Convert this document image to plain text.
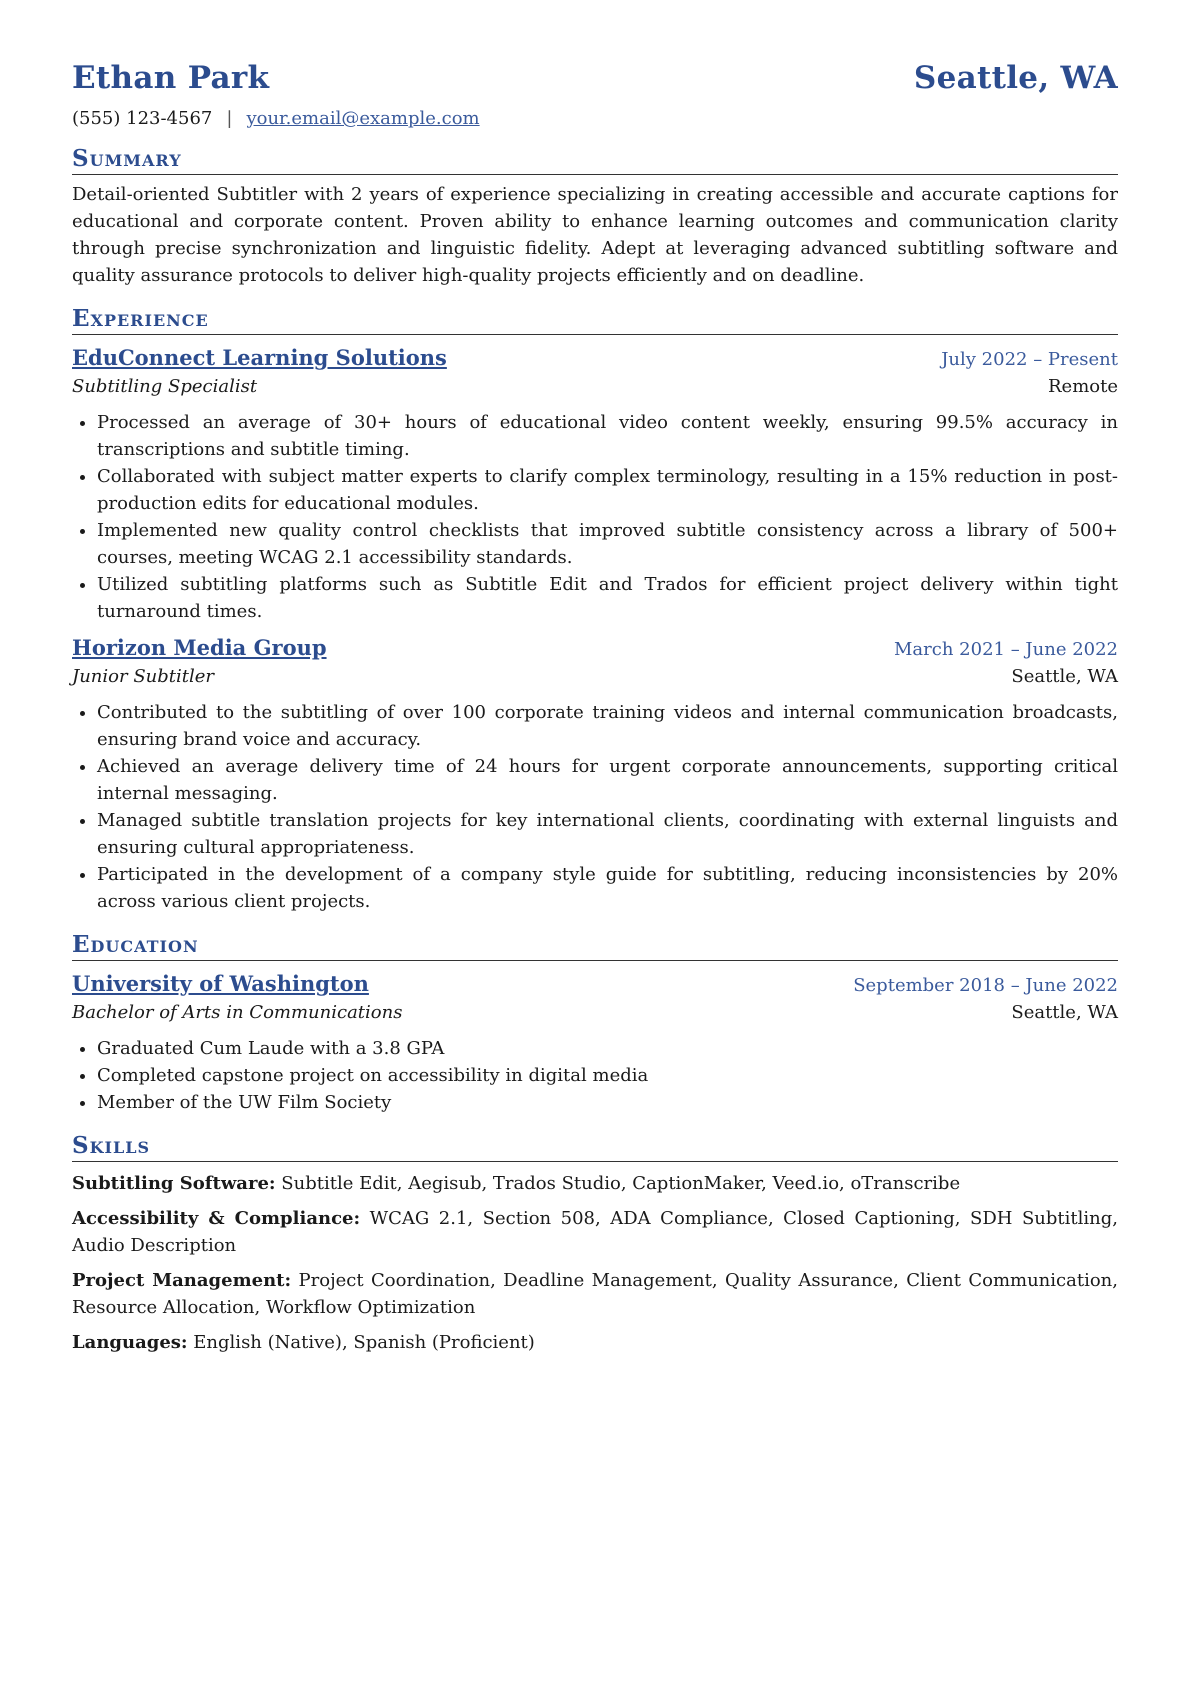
Ethan Park	Seattle, WA
(555) 123-4567 | your.email@example.com
Summary
Detail-oriented Subtitler with 2 years of experience specializing in creating accessible and accurate captions for educational and corporate content. Proven ability to enhance learning outcomes and communication clarity through precise synchronization and linguistic fidelity. Adept at leveraging advanced subtitling software and quality assurance protocols to deliver high-quality projects efficiently and on deadline.
Experience
EduConnect Learning Solutions	July 2022 – Present
Subtitling Specialist	Remote
• Processed an average of 30+ hours of educational video content weekly, ensuring 99.5% accuracy in transcriptions and subtitle timing.
• Collaborated with subject matter experts to clarify complex terminology, resulting in a 15% reduction in post-production edits for educational modules.
• Implemented new quality control checklists that improved subtitle consistency across a library of 500+ courses, meeting WCAG 2.1 accessibility standards.
• Utilized subtitling platforms such as Subtitle Edit and Trados for efficient project delivery within tight turnaround times.
Horizon Media Group	March 2021 – June 2022
Junior Subtitler	Seattle, WA
• Contributed to the subtitling of over 100 corporate training videos and internal communication broadcasts, ensuring brand voice and accuracy.
• Achieved an average delivery time of 24 hours for urgent corporate announcements, supporting critical internal messaging.
• Managed subtitle translation projects for key international clients, coordinating with external linguists and ensuring cultural appropriateness.
• Participated in the development of a company style guide for subtitling, reducing inconsistencies by 20% across various client projects.
Education
University of Washington	September 2018 – June 2022
Bachelor of Arts in Communications	Seattle, WA
• Graduated Cum Laude with a 3.8 GPA
• Completed capstone project on accessibility in digital media
• Member of the UW Film Society
Skills
Subtitling Software: Subtitle Edit, Aegisub, Trados Studio, CaptionMaker, Veed.io, oTranscribe
Accessibility & Compliance: WCAG 2.1, Section 508, ADA Compliance, Closed Captioning, SDH Subtitling, Audio Description
Project Management: Project Coordination, Deadline Management, Quality Assurance, Client Communication, Resource Allocation, Workflow Optimization
Languages: English (Native), Spanish (Proficient)
